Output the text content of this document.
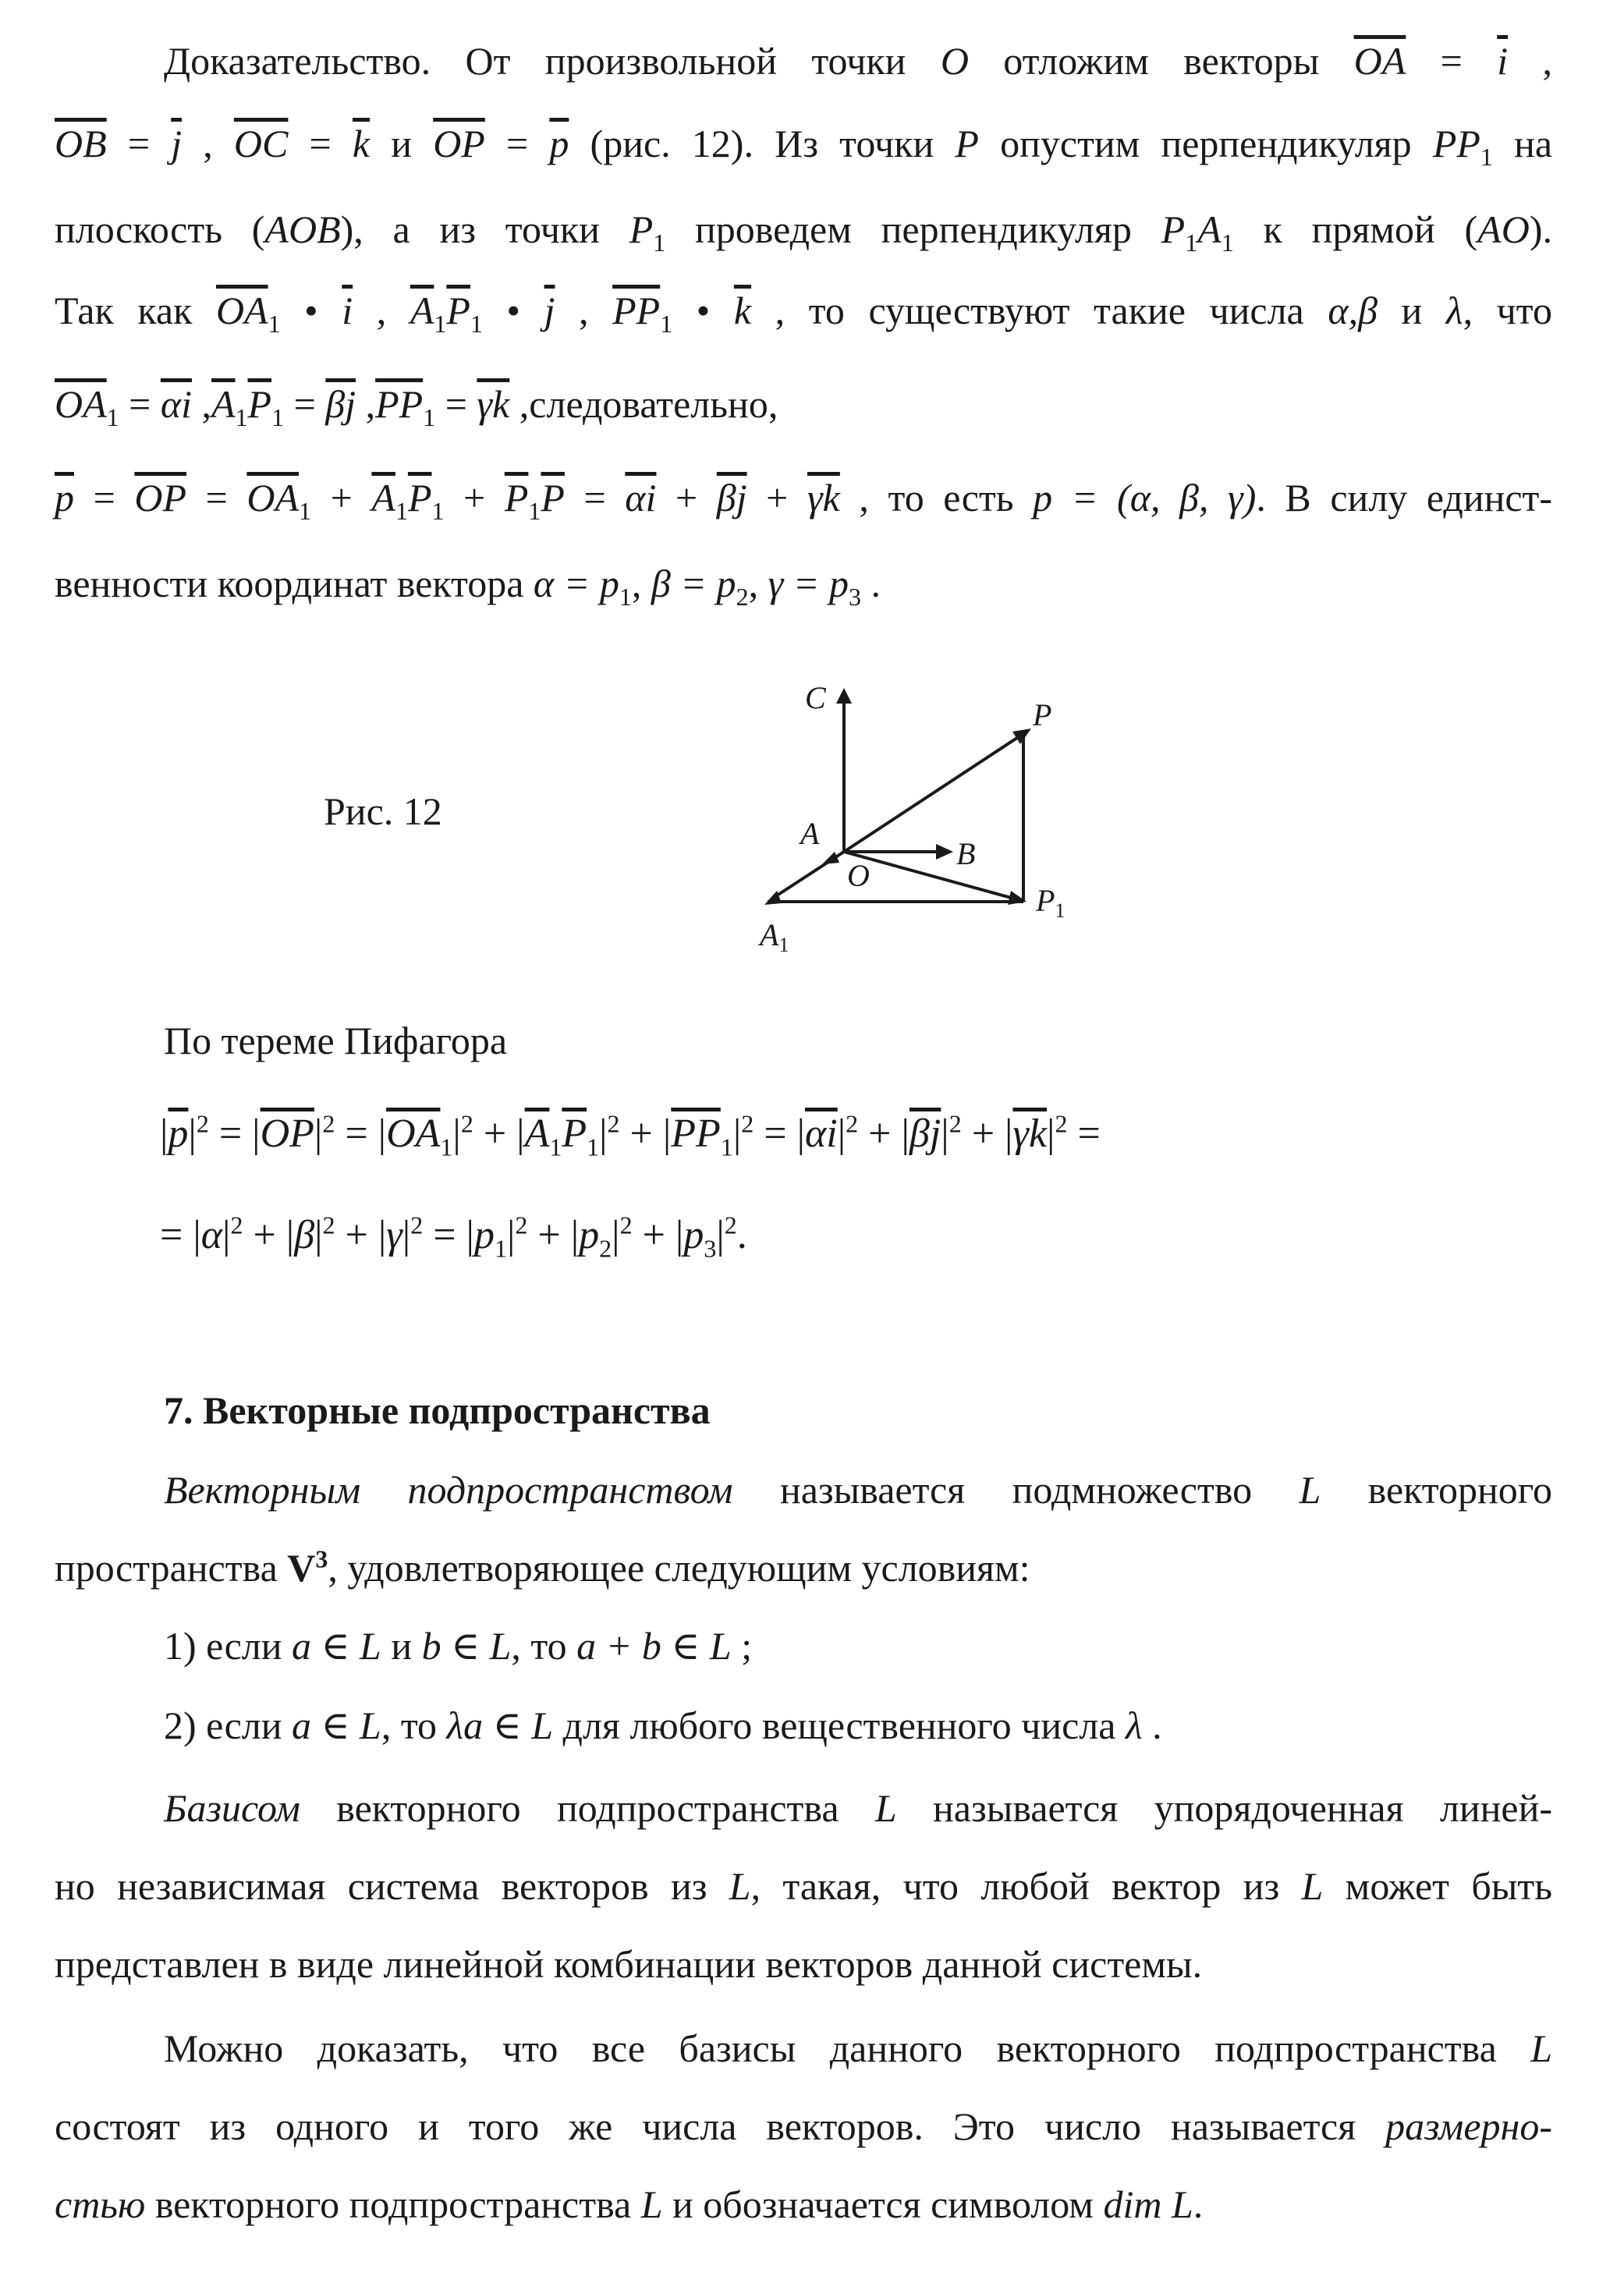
Доказательство. От произвольной точки O отложим векторы $\overline{OA} = \overline{i}$ ,
$\overline{OB} = \overline{j}$ , $\overline{OC} = \overline{k}$ и $\overline{OP} = \overline{p}$ (рис. 12). Из точки P опустим перпендикуляр $PP_1$ на
плоскость (AOB), а из точки $P_1$ проведем перпендикуляр $P_1A_1$ к прямой (AO).
Так как $\overline{OA}_1$ • $\overline{i}$ , $\overline{A}_1\overline{P}_1$ • $\overline{j}$ , $\overline{PP}_1$ • $\overline{k}$ , то существуют такие числа α,β и λ, что
$\overline{OA}_1 = \overline{\alpha i}$ $,\overline{A}_1\overline{P}_1 = \overline{\beta j}$ $,\overline{PP}_1 = \overline{\gamma k}$ ,следовательно,
$\overline{p} = \overline{OP} = \overline{OA}_1 + \overline{A}_1\overline{P}_1 + \overline{P}_1\overline{P} = \overline{\alpha i} + \overline{\beta j} + \overline{\gamma k}$ , то есть p = (α, β, γ). В силу единст-
венности координат вектора $\alpha = p_1$, $\beta = p_2$, $\gamma = p_3$ .
Рис. 12
C	P
A
O
B
$P_1$
$A_1$
По тереме Пифагора
$|\overline{p}|^2 = |\overline{OP}|^2 = |\overline{OA}_1|^2 + |\overline{A}_1\overline{P}_1|^2 + |\overline{PP}_1|^2 = |\overline{\alpha i}|^2 + |\overline{\beta j}|^2 + |\overline{\gamma k}|^2$ =
= $|\alpha|^2 + |\beta|^2 + |\gamma|^2 = |p_1|^2 + |p_2|^2 + |p_3|^2$.
7. Векторные подпространства
Векторным подпространством называется подмножество L векторного
пространства $V^3$, удовлетворяющее следующим условиям:
1) если a ∈ L и b ∈ L, то a + b ∈ L ;
2) если a ∈ L, то λa ∈ L для любого вещественного числа λ .
Базисом векторного подпространства L называется упорядоченная линей-
но независимая система векторов из L, такая, что любой вектор из L может быть
представлен в виде линейной комбинации векторов данной системы.
Можно доказать, что все базисы данного векторного подпространства L
состоят из одного и того же числа векторов. Это число называется размерно-
стью векторного подпространства L и обозначается символом dim L.
